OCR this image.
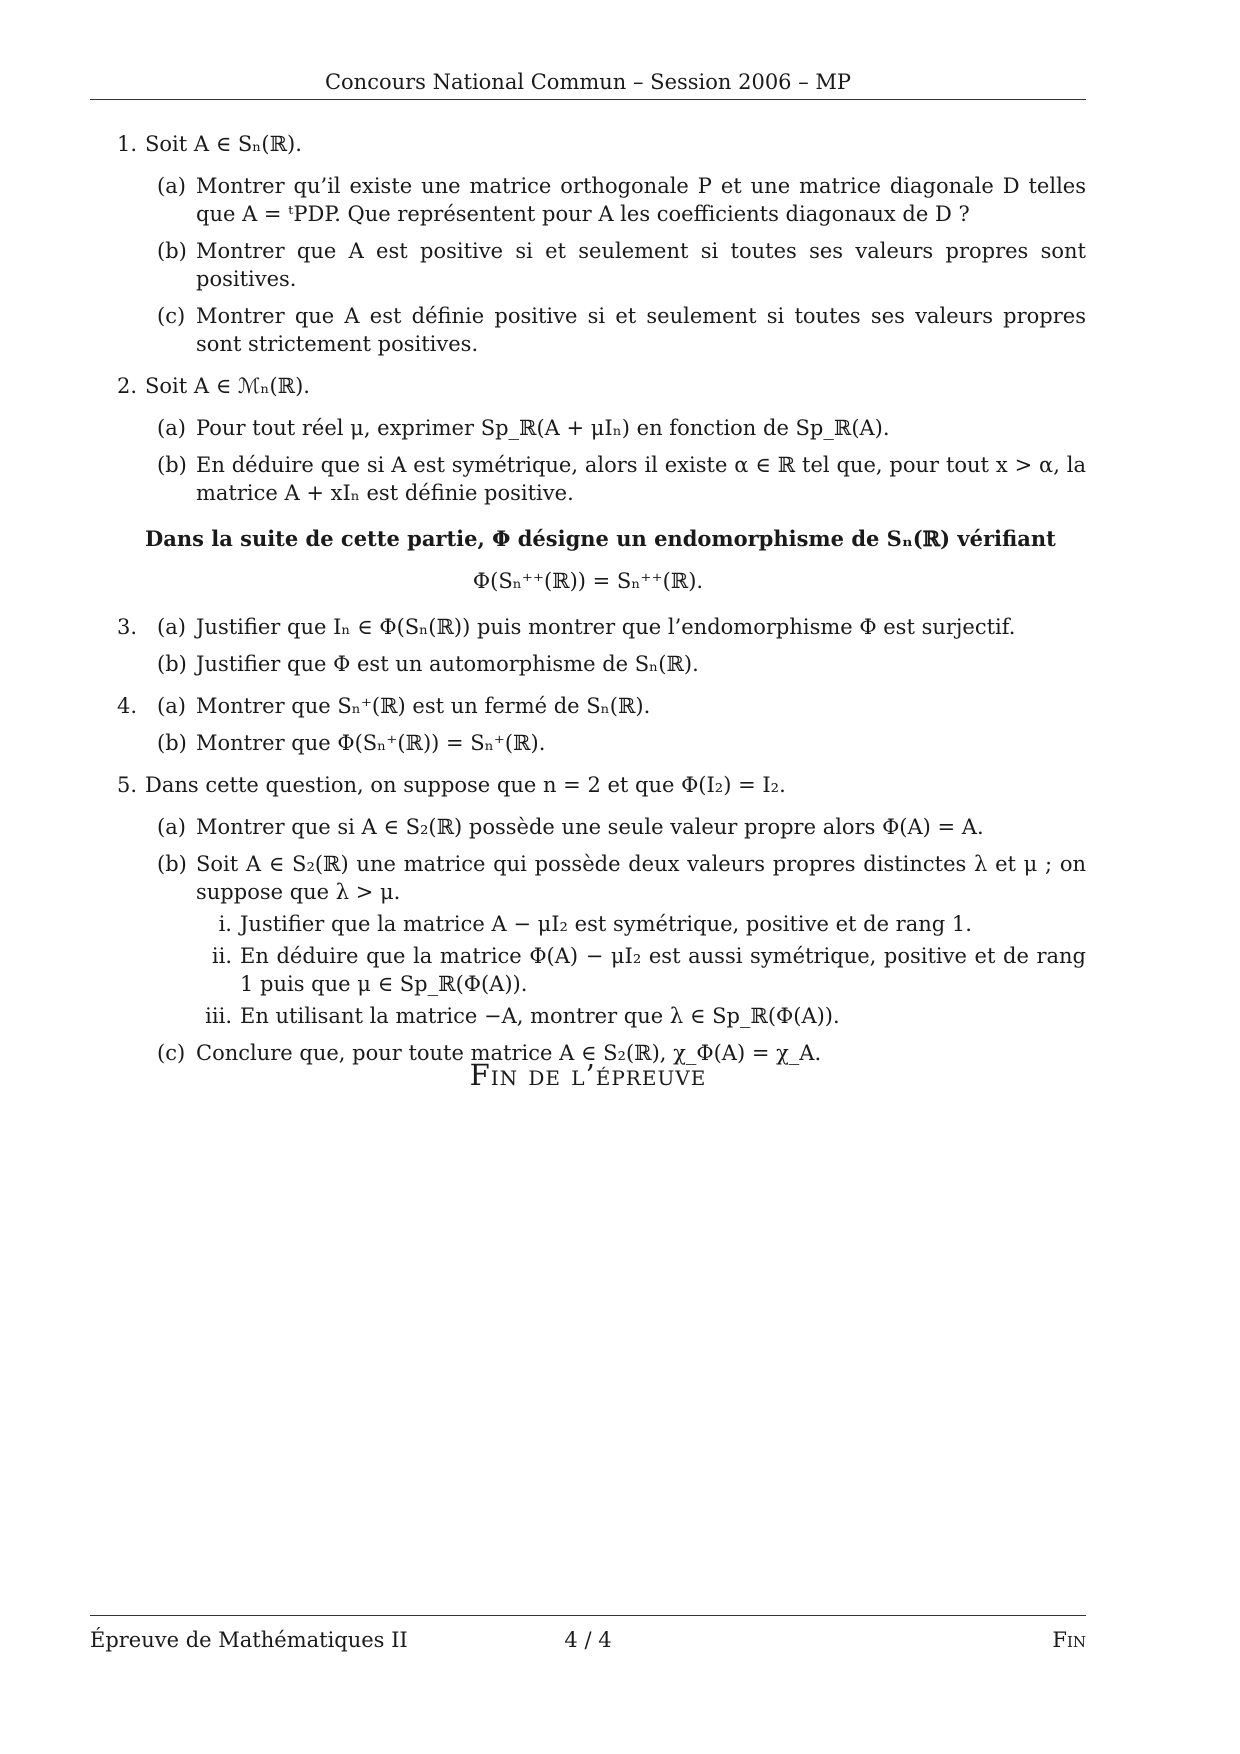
Concours National Commun – Session 2006 – MP
1. Soit A ∈ Sₙ(ℝ).
(a) Montrer qu’il existe une matrice orthogonale P et une matrice diagonale D telles que A = ᵗPDP. Que représentent pour A les coefficients diagonaux de D ?
(b) Montrer que A est positive si et seulement si toutes ses valeurs propres sont positives.
(c) Montrer que A est définie positive si et seulement si toutes ses valeurs propres sont strictement positives.
2. Soit A ∈ ℳₙ(ℝ).
(a) Pour tout réel μ, exprimer Sp_ℝ(A + μIₙ) en fonction de Sp_ℝ(A).
(b) En déduire que si A est symétrique, alors il existe α ∈ ℝ tel que, pour tout x > α, la matrice A + xIₙ est définie positive.
Dans la suite de cette partie, Φ désigne un endomorphisme de Sₙ(ℝ) vérifiant
Φ(Sₙ⁺⁺(ℝ)) = Sₙ⁺⁺(ℝ).
3. (a) Justifier que Iₙ ∈ Φ(Sₙ(ℝ)) puis montrer que l’endomorphisme Φ est surjectif.
(b) Justifier que Φ est un automorphisme de Sₙ(ℝ).
4. (a) Montrer que Sₙ⁺(ℝ) est un fermé de Sₙ(ℝ).
(b) Montrer que Φ(Sₙ⁺(ℝ)) = Sₙ⁺(ℝ).
5. Dans cette question, on suppose que n = 2 et que Φ(I₂) = I₂.
(a) Montrer que si A ∈ S₂(ℝ) possède une seule valeur propre alors Φ(A) = A.
(b) Soit A ∈ S₂(ℝ) une matrice qui possède deux valeurs propres distinctes λ et μ ; on suppose que λ > μ.
i. Justifier que la matrice A − μI₂ est symétrique, positive et de rang 1.
ii. En déduire que la matrice Φ(A) − μI₂ est aussi symétrique, positive et de rang 1 puis que μ ∈ Sp_ℝ(Φ(A)).
iii. En utilisant la matrice −A, montrer que λ ∈ Sp_ℝ(Φ(A)).
(c) Conclure que, pour toute matrice A ∈ S₂(ℝ), χ_Φ(A) = χ_A.
Fin de l’épreuve
Épreuve de Mathématiques II	4 / 4	Fin
